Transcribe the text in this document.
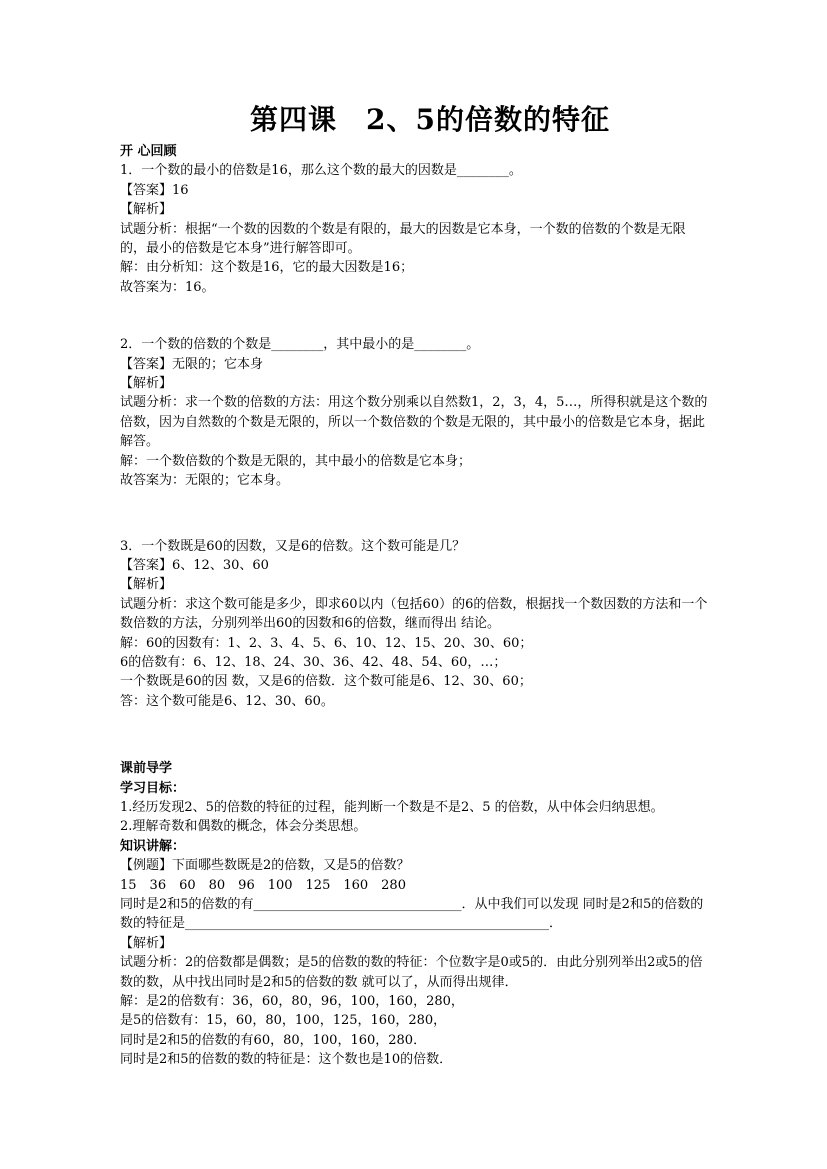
第四课　2、5的倍数的特征
开 心回顾
1．一个数的最小的倍数是16，那么这个数的最大的因数是________。
【答案】16
【解析】
试题分析：根据“一个数的因数的个数是有限的，最大的因数是它本身，一个数的倍数的个数是无限的，最小的倍数是它本身”进行解答即可。
解：由分析知：这个数是16，它的最大因数是16；
故答案为：16。
2．一个数的倍数的个数是________，其中最小的是________。
【答案】无限的；它本身
【解析】
试题分析：求一个数的倍数的方法：用这个数分别乘以自然数1，2，3，4，5…，所得积就是这个数的倍数，因为自然数的个数是无限的，所以一个数倍数的个数是无限的，其中最小的倍数是它本身，据此解答。
解：一个数倍数的个数是无限的，其中最小的倍数是它本身；
故答案为：无限的；它本身。
3．一个数既是60的因数，又是6的倍数。这个数可能是几？
【答案】6、12、30、60
【解析】
试题分析：求这个数可能是多少，即求60以内（包括60）的6的倍数，根据找一个数因数的方法和一个数倍数的方法，分别列举出60的因数和6的倍数，继而得出 结论。
解：60的因数有：1、2、3、4、5、6、10、12、15、20、30、60；
6的倍数有：6、12、18、24、30、36、42、48、54、60，…；
一个数既是60的因 数，又是6的倍数．这个数可能是6、12、30、60；
答：这个数可能是6、12、30、60。
课前导学
学习目标：
1.经历发现2、5的倍数的特征的过程，能判断一个数是不是2、5 的倍数，从中体会归纳思想。
2.理解奇数和偶数的概念，体会分类思想。
知识讲解：
【例题】下面哪些数既是2的倍数，又是5的倍数？
15　36　60　80　96　100　125　160　280
同时是2和5的倍数的有________________________________．从中我们可以发现 同时是2和5的倍数的数的特征是________________________________________________________．
【解析】
试题分析：2的倍数都是偶数；是5的倍数的数的特征：个位数字是0或5的．由此分别列举出2或5的倍数的数，从中找出同时是2和5的倍数的数 就可以了，从而得出规律．
解：是2的倍数有：36，60，80，96，100，160，280，
是5的倍数有：15，60，80，100，125，160，280，
同时是2和5的倍数的有60，80，100，160，280．
同时是2和5的倍数的数的特征是：这个数也是10的倍数．
